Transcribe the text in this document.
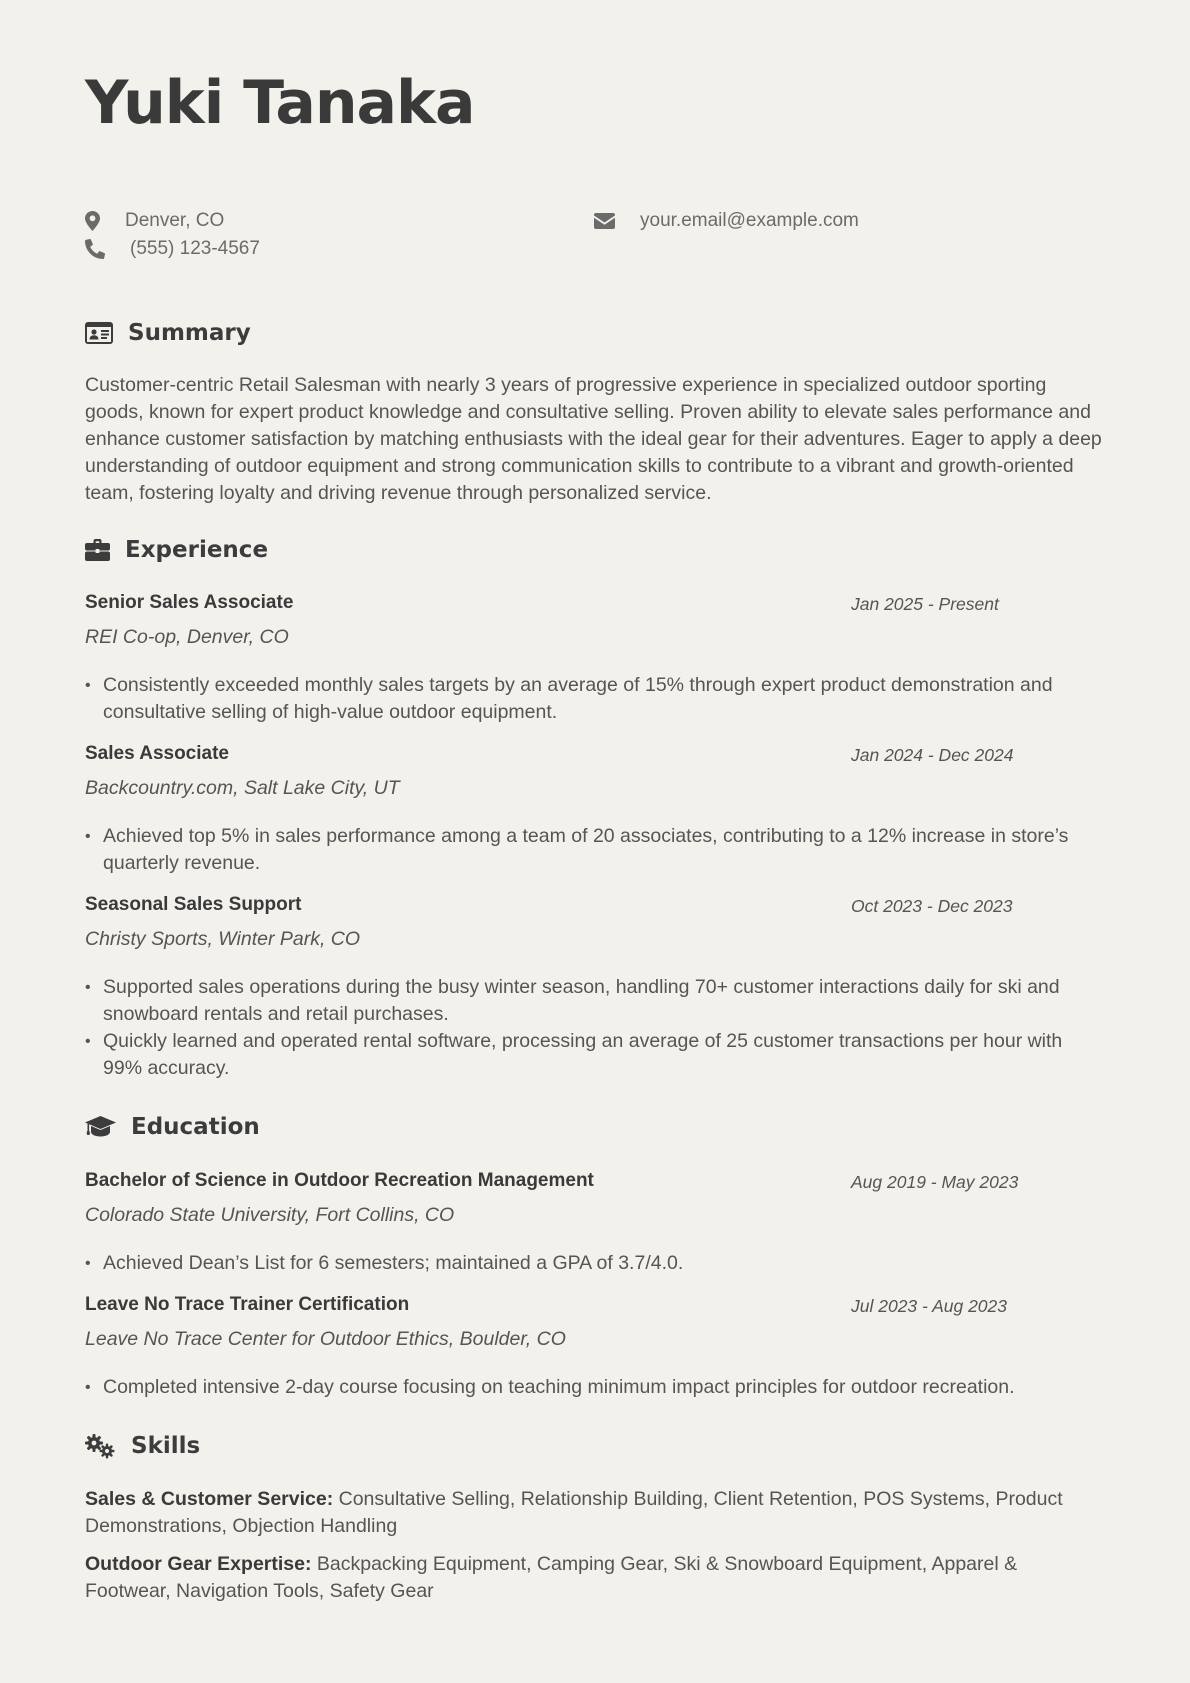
Yuki Tanaka
Denver, CO
(555) 123-4567
your.email@example.com
Summary

Customer-centric Retail Salesman with nearly 3 years of progressive experience in specialized outdoor sporting goods, known for expert product knowledge and consultative selling. Proven ability to elevate sales performance and enhance customer satisfaction by matching enthusiasts with the ideal gear for their adventures. Eager to apply a deep understanding of outdoor equipment and strong communication skills to contribute to a vibrant and growth-oriented team, fostering loyalty and driving revenue through personalized service.

Experience
Senior Sales Associate	Jan 2025 - Present
REI Co-op, Denver, CO
• Consistently exceeded monthly sales targets by an average of 15% through expert product demonstration and consultative selling of high-value outdoor equipment.
Sales Associate	Jan 2024 - Dec 2024
Backcountry.com, Salt Lake City, UT
• Achieved top 5% in sales performance among a team of 20 associates, contributing to a 12% increase in store’s quarterly revenue.
Seasonal Sales Support	Oct 2023 - Dec 2023
Christy Sports, Winter Park, CO
• Supported sales operations during the busy winter season, handling 70+ customer interactions daily for ski and snowboard rentals and retail purchases.
• Quickly learned and operated rental software, processing an average of 25 customer transactions per hour with 99% accuracy.
Education
Bachelor of Science in Outdoor Recreation Management	Aug 2019 - May 2023
Colorado State University, Fort Collins, CO
• Achieved Dean’s List for 6 semesters; maintained a GPA of 3.7/4.0.
Leave No Trace Trainer Certification	Jul 2023 - Aug 2023
Leave No Trace Center for Outdoor Ethics, Boulder, CO
• Completed intensive 2-day course focusing on teaching minimum impact principles for outdoor recreation.
Skills

Sales & Customer Service: Consultative Selling, Relationship Building, Client Retention, POS Systems, Product Demonstrations, Objection Handling

Outdoor Gear Expertise: Backpacking Equipment, Camping Gear, Ski & Snowboard Equipment, Apparel & Footwear, Navigation Tools, Safety Gear
